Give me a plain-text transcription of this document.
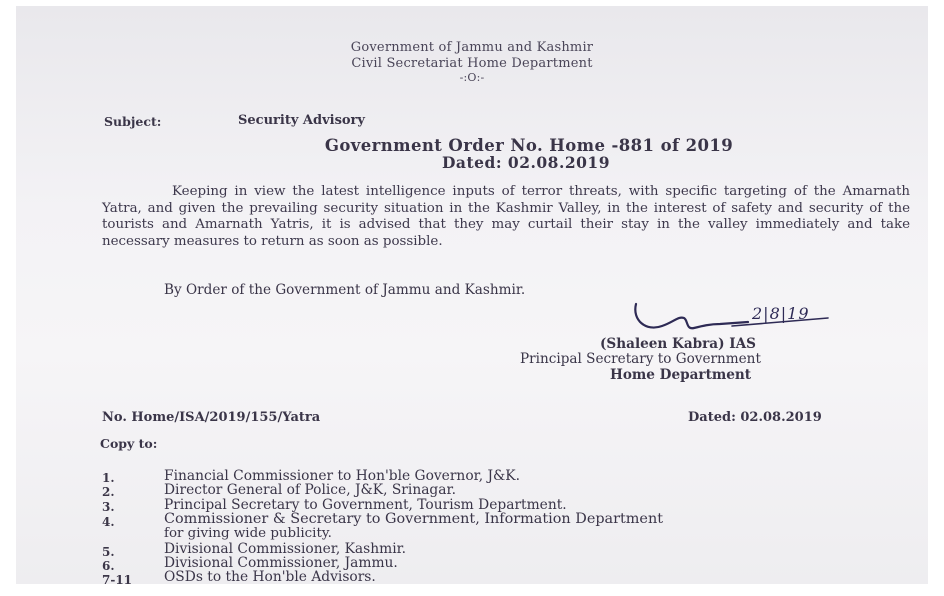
Government of Jammu and Kashmir
Civil Secretariat Home Department
-:O:-
Subject:	Security Advisory
Government Order No. Home -881 of 2019
Dated: 02.08.2019
Keeping in view the latest intelligence inputs of terror threats, with specific targeting of the Amarnath Yatra, and given the prevailing security situation in the Kashmir Valley, in the interest of safety and security of the tourists and Amarnath Yatris, it is advised that they may curtail their stay in the valley immediately and take necessary measures to return as soon as possible.
By Order of the Government of Jammu and Kashmir.
2|8|19
(Shaleen Kabra) IAS
Principal Secretary to Government
Home Department
No. Home/ISA/2019/155/Yatra	Dated: 02.08.2019
Copy to:
1.	Financial Commissioner to Hon'ble Governor, J&K.
2.	Director General of Police, J&K, Srinagar.
3.	Principal Secretary to Government, Tourism Department.
4.	Commissioner & Secretary to Government, Information Department
for giving wide publicity.
5.	Divisional Commissioner, Kashmir.
6.	Divisional Commissioner, Jammu.
7-11 OSDs to the Hon'ble Advisors.
